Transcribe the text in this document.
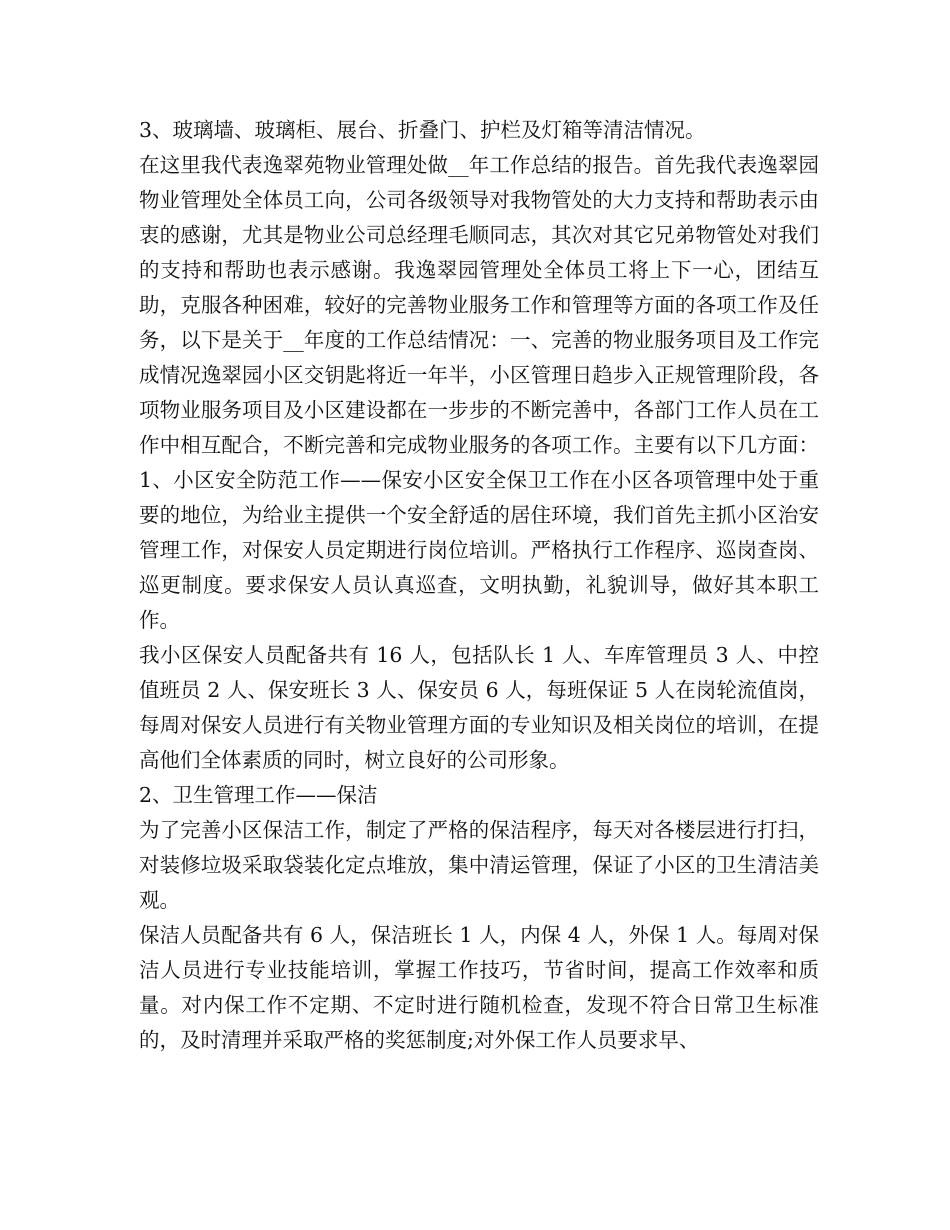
3、玻璃墙、玻璃柜、展台、折叠门、护栏及灯箱等清洁情况。

在这里我代表逸翠苑物业管理处做__年工作总结的报告。首先我代表逸翠园物业管理处全体员工向，公司各级领导对我物管处的大力支持和帮助表示由衷的感谢，尤其是物业公司总经理毛顺同志，其次对其它兄弟物管处对我们的支持和帮助也表示感谢。我逸翠园管理处全体员工将上下一心，团结互助，克服各种困难，较好的完善物业服务工作和管理等方面的各项工作及任务，以下是关于__年度的工作总结情况：一、完善的物业服务项目及工作完成情况逸翠园小区交钥匙将近一年半，小区管理日趋步入正规管理阶段，各项物业服务项目及小区建设都在一步步的不断完善中，各部门工作人员在工作中相互配合，不断完善和完成物业服务的各项工作。主要有以下几方面：1、小区安全防范工作——保安小区安全保卫工作在小区各项管理中处于重要的地位，为给业主提供一个安全舒适的居住环境，我们首先主抓小区治安管理工作，对保安人员定期进行岗位培训。严格执行工作程序、巡岗查岗、巡更制度。要求保安人员认真巡查，文明执勤，礼貌训导，做好其本职工作。

我小区保安人员配备共有 16 人，包括队长 1 人、车库管理员 3 人、中控值班员 2 人、保安班长 3 人、保安员 6 人，每班保证 5 人在岗轮流值岗，每周对保安人员进行有关物业管理方面的专业知识及相关岗位的培训，在提高他们全体素质的同时，树立良好的公司形象。

2、卫生管理工作——保洁

为了完善小区保洁工作，制定了严格的保洁程序，每天对各楼层进行打扫，对装修垃圾采取袋装化定点堆放，集中清运管理，保证了小区的卫生清洁美观。

保洁人员配备共有 6 人，保洁班长 1 人，内保 4 人，外保 1 人。每周对保洁人员进行专业技能培训，掌握工作技巧，节省时间，提高工作效率和质量。对内保工作不定期、不定时进行随机检查，发现不符合日常卫生标准的，及时清理并采取严格的奖惩制度;对外保工作人员要求早、
